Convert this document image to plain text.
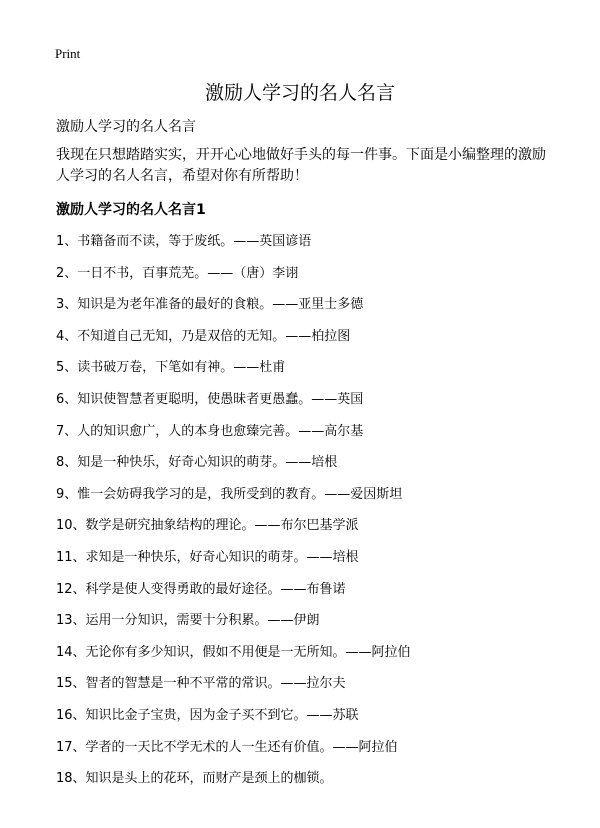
Print
激励人学习的名人名言

激励人学习的名人名言

我现在只想踏踏实实，开开心心地做好手头的每一件事。下面是小编整理的激励人学习的名人名言，希望对你有所帮助！

激励人学习的名人名言1

1、书籍备而不读，等于废纸。——英国谚语
2、一日不书，百事荒芜。——（唐）李诩
3、知识是为老年准备的最好的食粮。——亚里士多德
4、不知道自己无知，乃是双倍的无知。——柏拉图
5、读书破万卷，下笔如有神。——杜甫
6、知识使智慧者更聪明，使愚昧者更愚蠢。——英国
7、人的知识愈广，人的本身也愈臻完善。——高尔基
8、知是一种快乐，好奇心知识的萌芽。——培根
9、惟一会妨碍我学习的是，我所受到的教育。——爱因斯坦
10、数学是研究抽象结构的理论。——布尔巴基学派
11、求知是一种快乐，好奇心知识的萌芽。——培根
12、科学是使人变得勇敢的最好途径。——布鲁诺
13、运用一分知识，需要十分积累。——伊朗
14、无论你有多少知识，假如不用便是一无所知。——阿拉伯
15、智者的智慧是一种不平常的常识。——拉尔夫
16、知识比金子宝贵，因为金子买不到它。——苏联
17、学者的一天比不学无术的人一生还有价值。——阿拉伯
18、知识是头上的花环，而财产是颈上的枷锁。
